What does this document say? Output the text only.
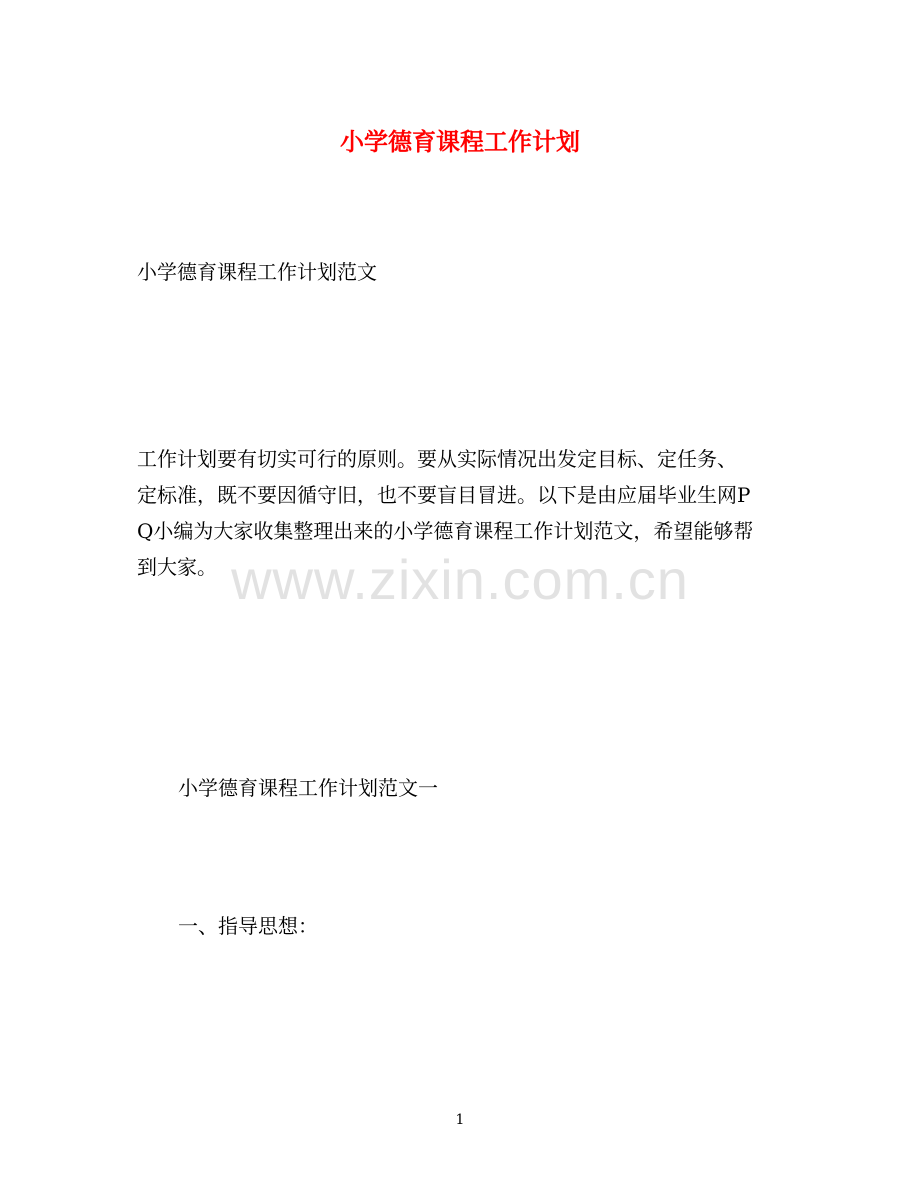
www.zixin.com.cn
小学德育课程工作计划

小学德育课程工作计划范文

工作计划要有切实可行的原则。要从实际情况出发定目标、定任务、
定标准，既不要因循守旧，也不要盲目冒进。以下是由应届毕业生网P
Q小编为大家收集整理出来的小学德育课程工作计划范文，希望能够帮
到大家。

小学德育课程工作计划范文一

一、指导思想：

1
